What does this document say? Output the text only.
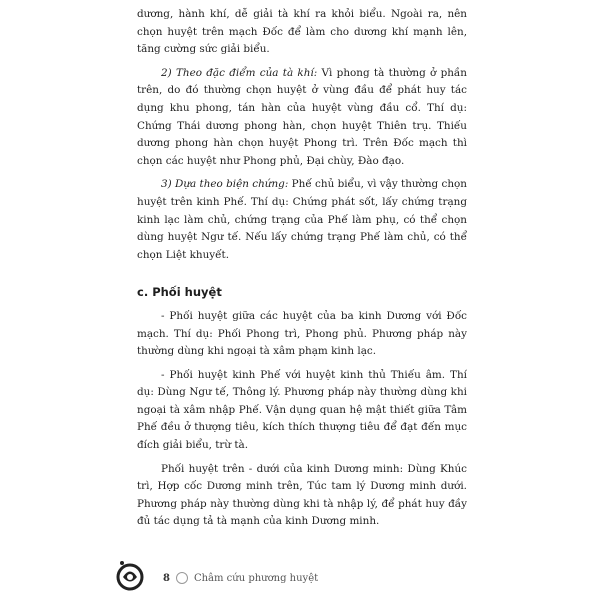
dương, hành khí, dễ giải tà khí ra khỏi biểu. Ngoài ra, nên chọn huyệt trên mạch Đốc để làm cho dương khí mạnh lên, tăng cường sức giải biểu.

2) Theo đặc điểm của tà khí: Vì phong tà thường ở phần trên, do đó thường chọn huyệt ở vùng đầu để phát huy tác dụng khu phong, tán hàn của huyệt vùng đầu cổ. Thí dụ: Chứng Thái dương phong hàn, chọn huyệt Thiên trụ. Thiếu dương phong hàn chọn huyệt Phong trì. Trên Đốc mạch thì chọn các huyệt như Phong phủ, Đại chùy, Đào đạo.

3) Dựa theo biện chứng: Phế chủ biểu, vì vậy thường chọn huyệt trên kinh Phế. Thí dụ: Chứng phát sốt, lấy chứng trạng kinh lạc làm chủ, chứng trạng của Phế làm phụ, có thể chọn dùng huyệt Ngư tế. Nếu lấy chứng trạng Phế làm chủ, có thể chọn Liệt khuyết.

c. Phối huyệt

- Phối huyệt giữa các huyệt của ba kinh Dương với Đốc mạch. Thí dụ: Phối Phong trì, Phong phủ. Phương pháp này thường dùng khi ngoại tà xâm phạm kinh lạc.

- Phối huyệt kinh Phế với huyệt kinh thủ Thiếu âm. Thí dụ: Dùng Ngư tế, Thông lý. Phương pháp này thường dùng khi ngoại tà xâm nhập Phế. Vận dụng quan hệ mật thiết giữa Tâm Phế đều ở thượng tiêu, kích thích thượng tiêu để đạt đến mục đích giải biểu, trừ tà.

Phối huyệt trên - dưới của kinh Dương minh: Dùng Khúc trì, Hợp cốc Dương minh trên, Túc tam lý Dương minh dưới. Phương pháp này thường dùng khi tà nhập lý, để phát huy đầy đủ tác dụng tả tà mạnh của kinh Dương minh.

8 Châm cứu phương huyệt
